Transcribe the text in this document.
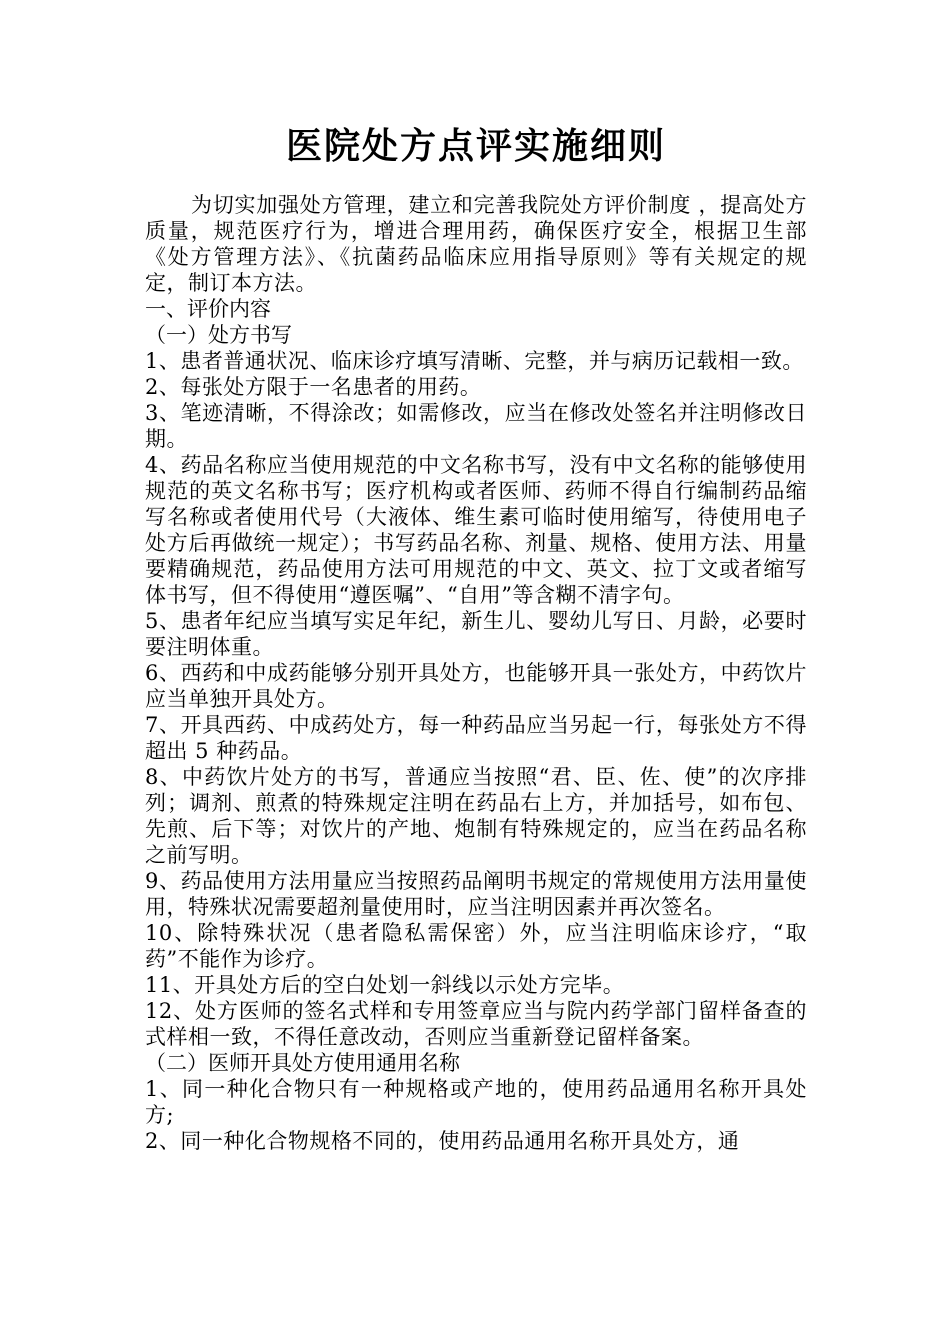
医院处方点评实施细则

为切实加强处方管理，建立和完善我院处方评价制度 ，提高处方质量，规范医疗行为，增进合理用药，确保医疗安全，根据卫生部《处方管理方法》、《抗菌药品临床应用指导原则》等有关规定的规定，制订本方法。

一、评价内容

（一）处方书写

1、患者普通状况、临床诊疗填写清晰、完整，并与病历记载相一致。

2、每张处方限于一名患者的用药。

3、笔迹清晰，不得涂改；如需修改，应当在修改处签名并注明修改日期。

4、药品名称应当使用规范的中文名称书写，没有中文名称的能够使用规范的英文名称书写；医疗机构或者医师、药师不得自行编制药品缩写名称或者使用代号（大液体、维生素可临时使用缩写，待使用电子处方后再做统一规定）；书写药品名称、剂量、规格、使用方法、用量要精确规范，药品使用方法可用规范的中文、英文、拉丁文或者缩写体书写，但不得使用“遵医嘱”、“自用”等含糊不清字句。

5、患者年纪应当填写实足年纪，新生儿、婴幼儿写日、月龄，必要时要注明体重。

6、西药和中成药能够分别开具处方，也能够开具一张处方，中药饮片应当单独开具处方。

7、开具西药、中成药处方，每一种药品应当另起一行，每张处方不得超出 5 种药品。

8、中药饮片处方的书写，普通应当按照“君、臣、佐、使”的次序排列；调剂、煎煮的特殊规定注明在药品右上方，并加括号，如布包、先煎、后下等；对饮片的产地、炮制有特殊规定的，应当在药品名称之前写明。

9、药品使用方法用量应当按照药品阐明书规定的常规使用方法用量使用，特殊状况需要超剂量使用时，应当注明因素并再次签名。

10、除特殊状况（患者隐私需保密）外，应当注明临床诊疗，“取药”不能作为诊疗。

11、开具处方后的空白处划一斜线以示处方完毕。

12、处方医师的签名式样和专用签章应当与院内药学部门留样备查的式样相一致，不得任意改动，否则应当重新登记留样备案。

（二）医师开具处方使用通用名称

1、同一种化合物只有一种规格或产地的，使用药品通用名称开具处方;

2、同一种化合物规格不同的，使用药品通用名称开具处方，通
